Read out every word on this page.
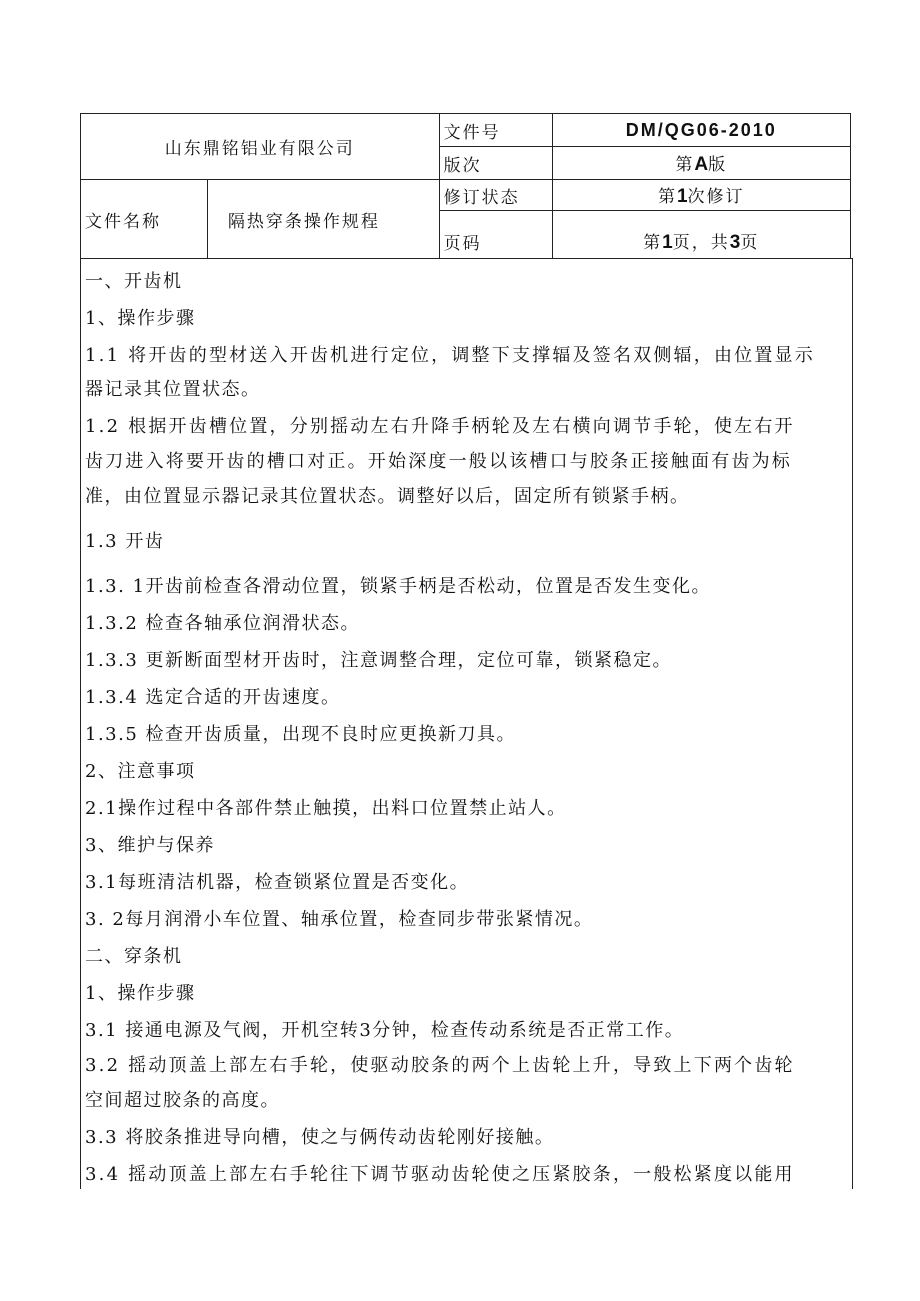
山东鼎铭铝业有限公司		文件号	DM/QG06-2010
		版次	第A版
文件名称	隔热穿条操作规程	修订状态	第1次修订
		页码	第1页，共3页
一、开齿机
1、操作步骤
1.1 将开齿的型材送入开齿机进行定位，调整下支撑辐及签名双侧辐，由位置显示
器记录其位置状态。
1.2 根据开齿槽位置，分别摇动左右升降手柄轮及左右横向调节手轮，使左右开
齿刀进入将要开齿的槽口对正。开始深度一般以该槽口与胶条正接触面有齿为标
准，由位置显示器记录其位置状态。调整好以后，固定所有锁紧手柄。
1.3 开齿
1.3. 1开齿前检查各滑动位置，锁紧手柄是否松动，位置是否发生变化。
1.3.2 检查各轴承位润滑状态。
1.3.3 更新断面型材开齿时，注意调整合理，定位可靠，锁紧稳定。
1.3.4 选定合适的开齿速度。
1.3.5 检查开齿质量，出现不良时应更换新刀具。
2、注意事项
2.1操作过程中各部件禁止触摸，出料口位置禁止站人。
3、维护与保养
3.1每班清洁机器，检查锁紧位置是否变化。
3. 2每月润滑小车位置、轴承位置，检查同步带张紧情况。
二、穿条机
1、操作步骤
3.1 接通电源及气阀，开机空转3分钟，检查传动系统是否正常工作。
3.2 摇动顶盖上部左右手轮，使驱动胶条的两个上齿轮上升，导致上下两个齿轮
空间超过胶条的高度。
3.3 将胶条推进导向槽，使之与俩传动齿轮刚好接触。
3.4 摇动顶盖上部左右手轮往下调节驱动齿轮使之压紧胶条，一般松紧度以能用
